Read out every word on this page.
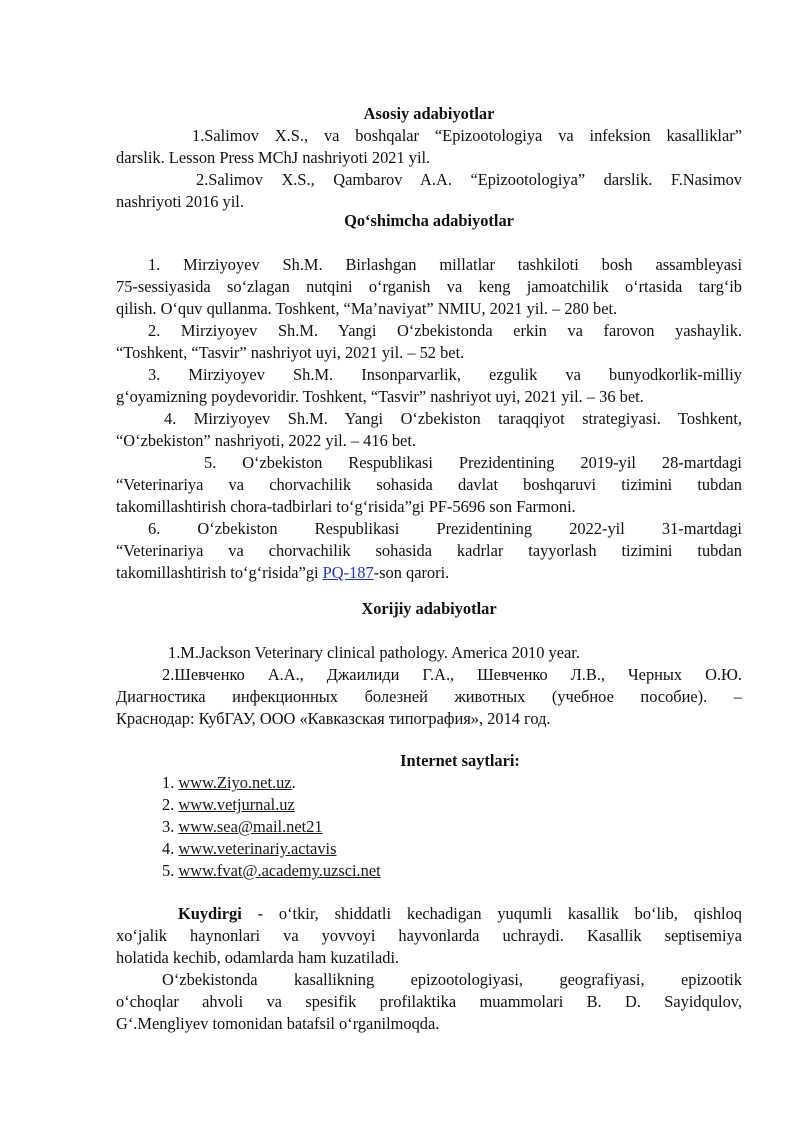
Asosiy adabiyotlar
1.Salimov X.S., va boshqalar “Epizootologiya va infeksion kasalliklar”
darslik. Lesson Press MChJ nashriyoti 2021 yil.
2.Salimov X.S., Qambarov A.A. “Epizootologiya” darslik. F.Nasimov
nashriyoti 2016 yil.
Qoʻshimcha adabiyotlar
1. Mirziyoyev Sh.M. Birlashgan millatlar tashkiloti bosh assambleyasi
75-sessiyasida soʻzlagan nutqini oʻrganish va keng jamoatchilik oʻrtasida targʻib
qilish. Oʻquv qullanma. Toshkent, “Ma’naviyat” NMIU, 2021 yil. – 280 bet.
2. Mirziyoyev Sh.M. Yangi Oʻzbekistonda erkin va farovon yashaylik.
“Toshkent, “Tasvir” nashriyot uyi, 2021 yil. – 52 bet.
3. Mirziyoyev Sh.M. Insonparvarlik, ezgulik va bunyodkorlik-milliy
gʻoyamizning poydevoridir. Toshkent, “Tasvir” nashriyot uyi, 2021 yil. – 36 bet.
4. Mirziyoyev Sh.M. Yangi Oʻzbekiston taraqqiyot strategiyasi. Toshkent,
“Oʻzbekiston” nashriyoti, 2022 yil. – 416 bet.
5. Oʻzbekiston Respublikasi Prezidentining 2019-yil 28-martdagi
“Veterinariya va chorvachilik sohasida davlat boshqaruvi tizimini tubdan
takomillashtirish chora-tadbirlari toʻgʻrisida”gi PF-5696 son Farmoni.
6. Oʻzbekiston Respublikasi Prezidentining 2022-yil 31-martdagi
“Veterinariya va chorvachilik sohasida kadrlar tayyorlash tizimini tubdan
takomillashtirish toʻgʻrisida”gi PQ-187-son qarori.
Xorijiy adabiyotlar
1.M.Jackson Veterinary clinical pathology. America 2010 year.
2.Шевченко А.А., Джаилиди Г.А., Шевченко Л.В., Черных О.Ю.
Диагностика инфекционных болезней животных (учебное пособие). –
Краснодар: КубГАУ, ООО «Кавказская типография», 2014 год.
Internet saytlari:
1. www.Ziyo.net.uz.
2. www.vetjurnal.uz
3. www.sea@mail.net21
4. www.veterinariy.actavis
5. www.fvat@.academy.uzsci.net
Kuydirgi - oʻtkir, shiddatli kechadigan yuqumli kasallik boʻlib, qishloq
xoʻjalik haynonlari va yovvoyi hayvonlarda uchraydi. Kasallik septisemiya
holatida kechib, odamlarda ham kuzatiladi.
Oʻzbekistonda kasallikning epizootologiyasi, geografiyasi, epizootik
oʻchoqlar ahvoli va spesifik profilaktika muammolari B. D. Sayidqulov,
Gʻ.Mengliyev tomonidan batafsil oʻrganilmoqda.
